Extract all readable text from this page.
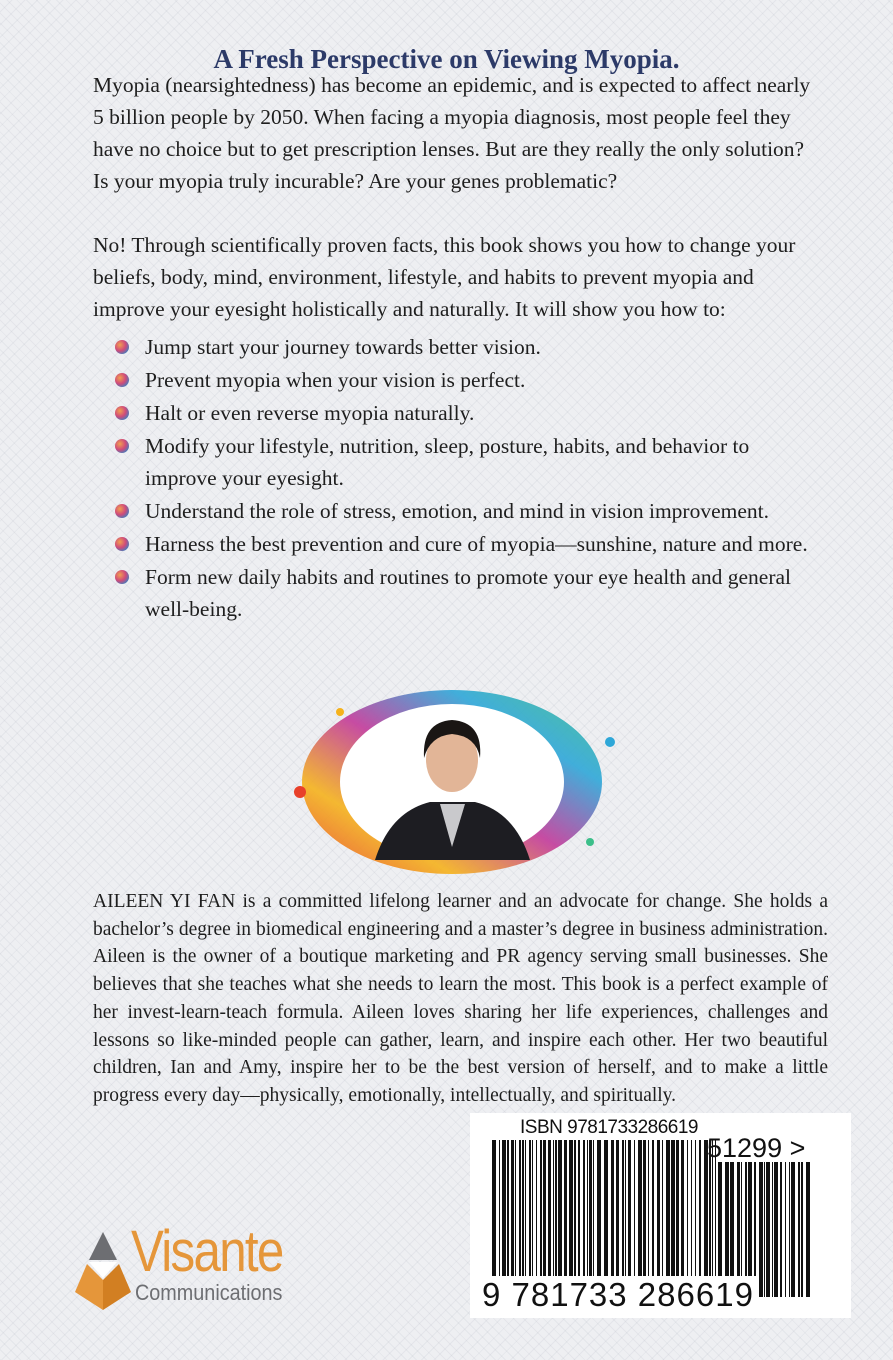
A Fresh Perspective on Viewing Myopia.
Myopia (nearsightedness) has become an epidemic, and is expected to affect nearly 5 billion people by 2050. When facing a myopia diagnosis, most people feel they have no choice but to get prescription lenses. But are they really the only solution? Is your myopia truly incurable? Are your genes problematic?
No! Through scientifically proven facts, this book shows you how to change your beliefs, body, mind, environment, lifestyle, and habits to prevent myopia and improve your eyesight holistically and naturally. It will show you how to:
Jump start your journey towards better vision.
Prevent myopia when your vision is perfect.
Halt or even reverse myopia naturally.
Modify your lifestyle, nutrition, sleep, posture, habits, and behavior to improve your eyesight.
Understand the role of stress, emotion, and mind in vision improvement.
Harness the best prevention and cure of myopia—sunshine, nature and more.
Form new daily habits and routines to promote your eye health and general well-being.
AILEEN YI FAN is a committed lifelong learner and an advocate for change. She holds a bachelor’s degree in biomedical engineering and a master’s degree in business administration. Aileen is the owner of a boutique marketing and PR agency serving small businesses. She believes that she teaches what she needs to learn the most. This book is a perfect example of her invest-learn-teach formula. Aileen loves sharing her life experiences, challenges and lessons so like-minded people can gather, learn, and inspire each other. Her two beautiful children, Ian and Amy, inspire her to be the best version of herself, and to make a little progress every day—physically, emotionally, intellectually, and spiritually.
ISBN 9781733286619
51299 >
9 781733 286619
Visante
Communications
